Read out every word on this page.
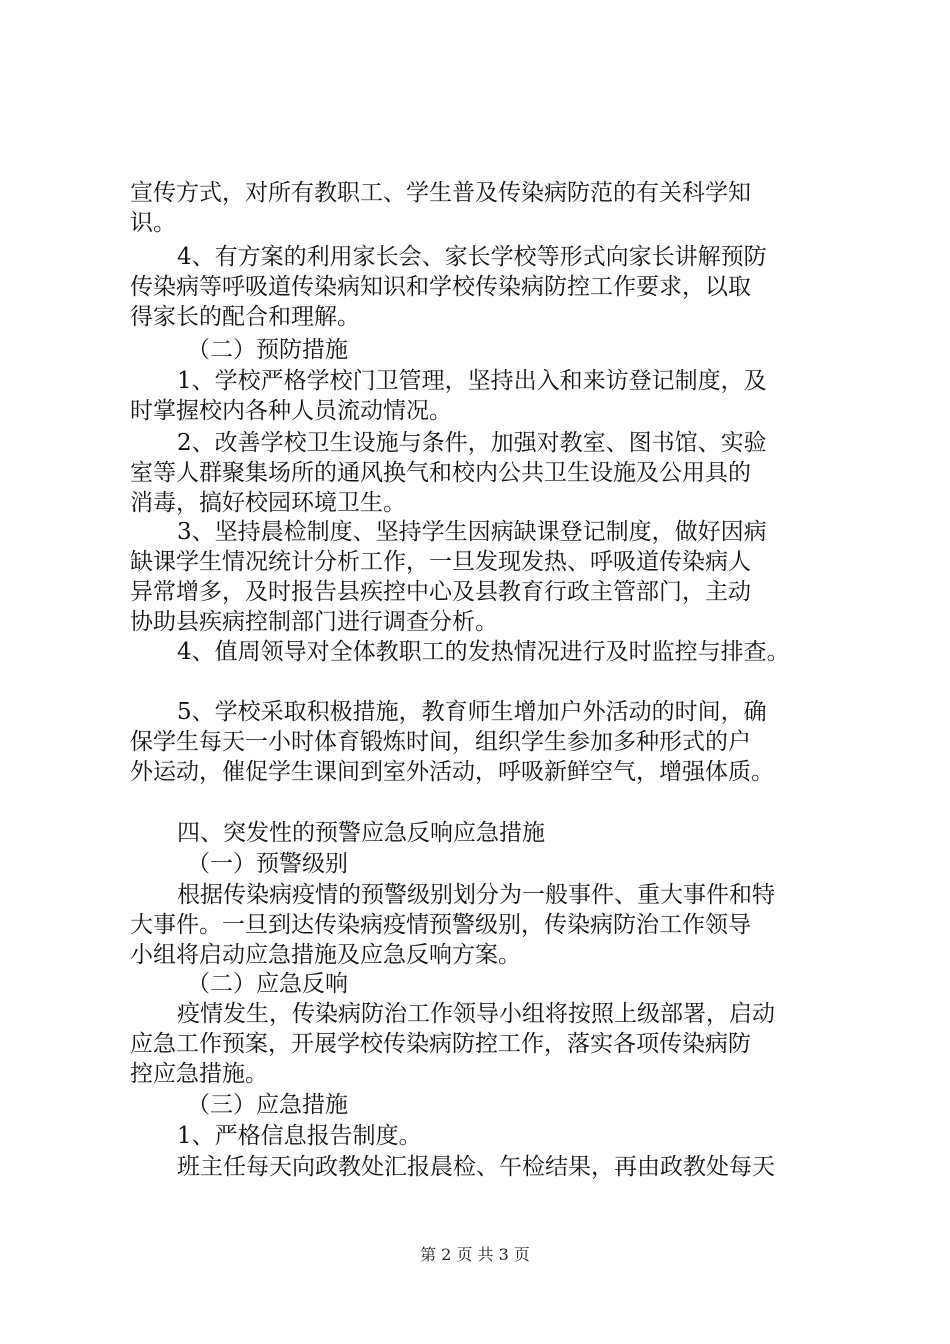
宣传方式，对所有教职工、学生普及传染病防范的有关科学知
识。
4、有方案的利用家长会、家长学校等形式向家长讲解预防
传染病等呼吸道传染病知识和学校传染病防控工作要求，以取
得家长的配合和理解。
（二）预防措施
1、学校严格学校门卫管理，坚持出入和来访登记制度，及
时掌握校内各种人员流动情况。
2、改善学校卫生设施与条件，加强对教室、图书馆、实验
室等人群聚集场所的通风换气和校内公共卫生设施及公用具的
消毒，搞好校园环境卫生。
3、坚持晨检制度、坚持学生因病缺课登记制度，做好因病
缺课学生情况统计分析工作，一旦发现发热、呼吸道传染病人
异常增多，及时报告县疾控中心及县教育行政主管部门，主动
协助县疾病控制部门进行调查分析。
4、值周领导对全体教职工的发热情况进行及时监控与排查。
5、学校采取积极措施，教育师生增加户外活动的时间，确
保学生每天一小时体育锻炼时间，组织学生参加多种形式的户
外运动，催促学生课间到室外活动，呼吸新鲜空气，增强体质。
四、突发性的预警应急反响应急措施
（一）预警级别
根据传染病疫情的预警级别划分为一般事件、重大事件和特
大事件。一旦到达传染病疫情预警级别，传染病防治工作领导
小组将启动应急措施及应急反响方案。
（二）应急反响
疫情发生，传染病防治工作领导小组将按照上级部署，启动
应急工作预案，开展学校传染病防控工作，落实各项传染病防
控应急措施。
（三）应急措施
1、严格信息报告制度。
班主任每天向政教处汇报晨检、午检结果，再由政教处每天
第 2 页 共 3 页
